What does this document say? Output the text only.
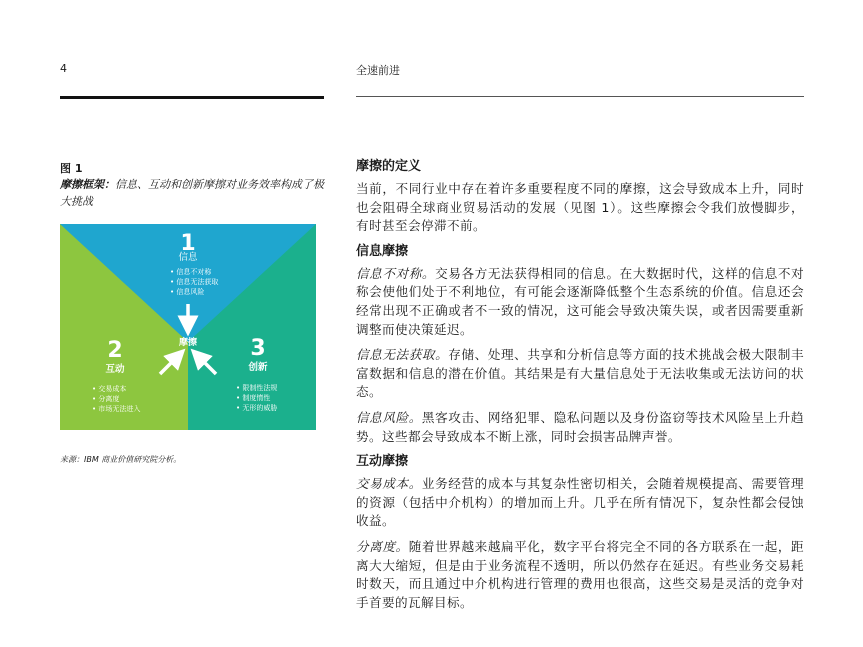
4	全速前进
图 1
摩擦框架：信息、互动和创新摩擦对业务效率构成了极大挑战
1
信息
• 信息不对称
• 信息无法获取
• 信息风险
摩擦
2
互动
• 交易成本
• 分离度
• 市场无法进入
3
创新
• 限制性法规
• 制度惰性
• 无形的威胁
来源：IBM 商业价值研究院分析。
摩擦的定义

当前，不同行业中存在着许多重要程度不同的摩擦，这会导致成本上升，同时也会阻碍全球商业贸易活动的发展（见图 1）。这些摩擦会令我们放慢脚步，有时甚至会停滞不前。

信息摩擦

信息不对称。交易各方无法获得相同的信息。在大数据时代，这样的信息不对称会使他们处于不利地位，有可能会逐渐降低整个生态系统的价值。信息还会经常出现不正确或者不一致的情况，这可能会导致决策失误，或者因需要重新调整而使决策延迟。

信息无法获取。存储、处理、共享和分析信息等方面的技术挑战会极大限制丰富数据和信息的潜在价值。其结果是有大量信息处于无法收集或无法访问的状态。

信息风险。黑客攻击、网络犯罪、隐私问题以及身份盗窃等技术风险呈上升趋势。这些都会导致成本不断上涨，同时会损害品牌声誉。

互动摩擦

交易成本。业务经营的成本与其复杂性密切相关，会随着规模提高、需要管理的资源（包括中介机构）的增加而上升。几乎在所有情况下，复杂性都会侵蚀收益。

分离度。随着世界越来越扁平化，数字平台将完全不同的各方联系在一起，距离大大缩短，但是由于业务流程不透明，所以仍然存在延迟。有些业务交易耗时数天，而且通过中介机构进行管理的费用也很高，这些交易是灵活的竞争对手首要的瓦解目标。
